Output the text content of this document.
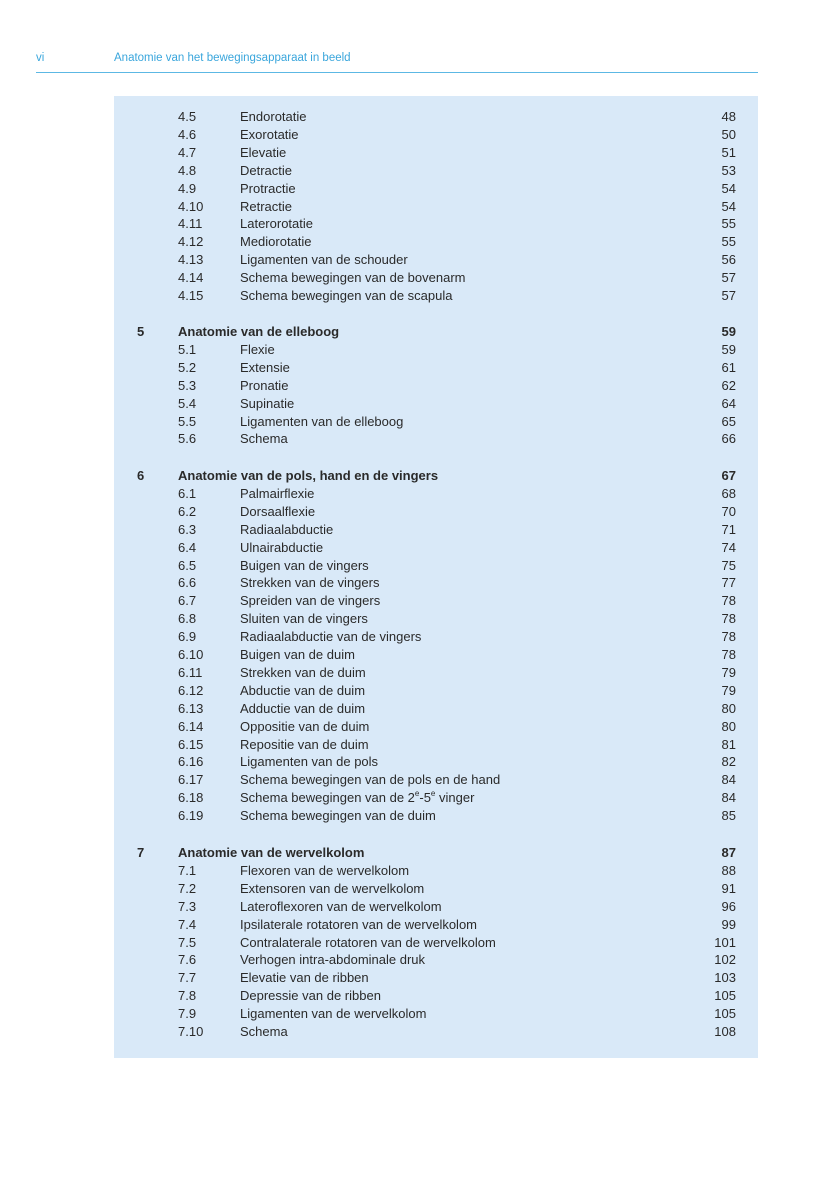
vi	Anatomie van het bewegingsapparaat in beeld
4.5	Endorotatie	48
4.6	Exorotatie	50
4.7	Elevatie	51
4.8	Detractie	53
4.9	Protractie	54
4.10	Retractie	54
4.11	Laterorotatie	55
4.12	Mediorotatie	55
4.13	Ligamenten van de schouder	56
4.14	Schema bewegingen van de bovenarm	57
4.15	Schema bewegingen van de scapula	57
5	Anatomie van de elleboog	59
5.1	Flexie	59
5.2	Extensie	61
5.3	Pronatie	62
5.4	Supinatie	64
5.5	Ligamenten van de elleboog	65
5.6	Schema	66
6	Anatomie van de pols, hand en de vingers	67
6.1	Palmairflexie	68
6.2	Dorsaalflexie	70
6.3	Radiaalabductie	71
6.4	Ulnairabductie	74
6.5	Buigen van de vingers	75
6.6	Strekken van de vingers	77
6.7	Spreiden van de vingers	78
6.8	Sluiten van de vingers	78
6.9	Radiaalabductie van de vingers	78
6.10	Buigen van de duim	78
6.11	Strekken van de duim	79
6.12	Abductie van de duim	79
6.13	Adductie van de duim	80
6.14	Oppositie van de duim	80
6.15	Repositie van de duim	81
6.16	Ligamenten van de pols	82
6.17	Schema bewegingen van de pols en de hand	84
6.18	Schema bewegingen van de 2e-5e vinger	84
6.19	Schema bewegingen van de duim	85
7	Anatomie van de wervelkolom	87
7.1	Flexoren van de wervelkolom	88
7.2	Extensoren van de wervelkolom	91
7.3	Lateroflexoren van de wervelkolom	96
7.4	Ipsilaterale rotatoren van de wervelkolom	99
7.5	Contralaterale rotatoren van de wervelkolom	101
7.6	Verhogen intra-abdominale druk	102
7.7	Elevatie van de ribben	103
7.8	Depressie van de ribben	105
7.9	Ligamenten van de wervelkolom	105
7.10	Schema	108
